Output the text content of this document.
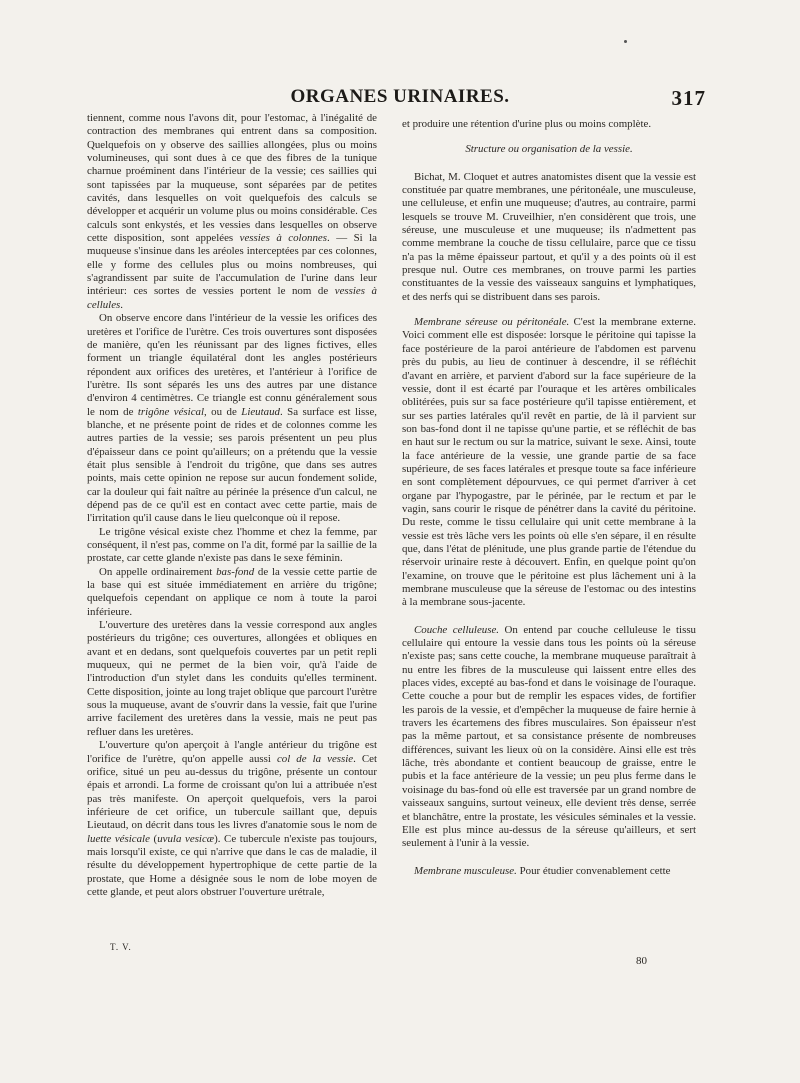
ORGANES URINAIRES.	317

tiennent, comme nous l'avons dit, pour l'estomac, à l'inégalité de contraction des membranes qui entrent dans sa composition. Quelquefois on y observe des saillies allongées, plus ou moins volumineuses, qui sont dues à ce que des fibres de la tunique charnue proéminent dans l'intérieur de la vessie; ces saillies qui sont tapissées par la muqueuse, sont séparées par de petites cavités, dans lesquelles on voit quelquefois des calculs se développer et acquérir un volume plus ou moins considérable. Ces calculs sont enkystés, et les vessies dans lesquelles on observe cette disposition, sont appelées vessies à colonnes. — Si la muqueuse s'insinue dans les aréoles interceptées par ces colonnes, elle y forme des cellules plus ou moins nombreuses, qui s'agrandissent par suite de l'accumulation de l'urine dans leur intérieur: ces sortes de vessies portent le nom de vessies à cellules.

On observe encore dans l'intérieur de la vessie les orifices des uretères et l'orifice de l'urètre. Ces trois ouvertures sont disposées de manière, qu'en les réunissant par des lignes fictives, elles forment un triangle équilatéral dont les angles postérieurs répondent aux orifices des uretères, et l'antérieur à l'orifice de l'urètre. Ils sont séparés les uns des autres par une distance d'environ 4 centimètres. Ce triangle est connu généralement sous le nom de trigône vésical, ou de Lieutaud. Sa surface est lisse, blanche, et ne présente point de rides et de colonnes comme les autres parties de la vessie; ses parois présentent un peu plus d'épaisseur dans ce point qu'ailleurs; on a prétendu que la vessie était plus sensible à l'endroit du trigône, que dans ses autres points, mais cette opinion ne repose sur aucun fondement solide, car la douleur qui fait naître au périnée la présence d'un calcul, ne dépend pas de ce qu'il est en contact avec cette partie, mais de l'irritation qu'il cause dans le lieu quelconque où il repose.

Le trigône vésical existe chez l'homme et chez la femme, par conséquent, il n'est pas, comme on l'a dit, formé par la saillie de la prostate, car cette glande n'existe pas dans le sexe féminin.

On appelle ordinairement bas-fond de la vessie cette partie de la base qui est située immédiatement en arrière du trigône; quelquefois cependant on applique ce nom à toute la paroi inférieure.

L'ouverture des uretères dans la vessie correspond aux angles postérieurs du trigône; ces ouvertures, allongées et obliques en avant et en dedans, sont quelquefois couvertes par un petit repli muqueux, qui ne permet de la bien voir, qu'à l'aide de l'introduction d'un stylet dans les conduits qu'elles terminent. Cette disposition, jointe au long trajet oblique que parcourt l'urètre sous la muqueuse, avant de s'ouvrir dans la vessie, fait que l'urine arrive facilement des uretères dans la vessie, mais ne peut pas refluer dans les uretères.

L'ouverture qu'on aperçoit à l'angle antérieur du trigône est l'orifice de l'urètre, qu'on appelle aussi col de la vessie. Cet orifice, situé un peu au-dessus du trigône, présente un contour épais et arrondi. La forme de croissant qu'on lui a attribuée n'est pas très manifeste. On aperçoit quelquefois, vers la paroi inférieure de cet orifice, un tubercule saillant que, depuis Lieutaud, on décrit dans tous les livres d'anatomie sous le nom de luette vésicale (uvula vesicæ). Ce tubercule n'existe pas toujours, mais lorsqu'il existe, ce qui n'arrive que dans le cas de maladie, il résulte du développement hypertrophique de cette partie de la prostate, que Home a désignée sous le nom de lobe moyen de cette glande, et peut alors obstruer l'ouverture urétrale,

et produire une rétention d'urine plus ou moins complète.

Structure ou organisation de la vessie.

Bichat, M. Cloquet et autres anatomistes disent que la vessie est constituée par quatre membranes, une péritonéale, une musculeuse, une celluleuse, et enfin une muqueuse; d'autres, au contraire, parmi lesquels se trouve M. Cruveilhier, n'en considèrent que trois, une séreuse, une musculeuse et une muqueuse; ils n'admettent pas comme membrane la couche de tissu cellulaire, parce que ce tissu n'a pas la même épaisseur partout, et qu'il y a des points où il est presque nul. Outre ces membranes, on trouve parmi les parties constituantes de la vessie des vaisseaux sanguins et lymphatiques, et des nerfs qui se distribuent dans ses parois.

Membrane séreuse ou péritonéale. C'est la membrane externe. Voici comment elle est disposée: lorsque le péritoine qui tapisse la face postérieure de la paroi antérieure de l'abdomen est parvenu près du pubis, au lieu de continuer à descendre, il se réfléchit d'avant en arrière, et parvient d'abord sur la face supérieure de la vessie, dont il est écarté par l'ouraque et les artères ombilicales oblitérées, puis sur sa face postérieure qu'il tapisse entièrement, et sur ses parties latérales qu'il revêt en partie, de là il parvient sur son bas-fond dont il ne tapisse qu'une partie, et se réfléchit de bas en haut sur le rectum ou sur la matrice, suivant le sexe. Ainsi, toute la face antérieure de la vessie, une grande partie de sa face supérieure, de ses faces latérales et presque toute sa face inférieure en sont complètement dépourvues, ce qui permet d'arriver à cet organe par l'hypogastre, par le périnée, par le rectum et par le vagin, sans courir le risque de pénétrer dans la cavité du péritoine. Du reste, comme le tissu cellulaire qui unit cette membrane à la vessie est très lâche vers les points où elle s'en sépare, il en résulte que, dans l'état de plénitude, une plus grande partie de l'étendue du réservoir urinaire reste à découvert. Enfin, en quelque point qu'on l'examine, on trouve que le péritoine est plus lâchement uni à la membrane musculeuse que la séreuse de l'estomac ou des intestins à la membrane sous-jacente.

Couche celluleuse. On entend par couche celluleuse le tissu cellulaire qui entoure la vessie dans tous les points où la séreuse n'existe pas; sans cette couche, la membrane muqueuse paraîtrait à nu entre les fibres de la musculeuse qui laissent entre elles des places vides, excepté au bas-fond et dans le voisinage de l'ouraque. Cette couche a pour but de remplir les espaces vides, de fortifier les parois de la vessie, et d'empêcher la muqueuse de faire hernie à travers les écartemens des fibres musculaires. Son épaisseur n'est pas la même partout, et sa consistance présente de nombreuses différences, suivant les lieux où on la considère. Ainsi elle est très lâche, très abondante et contient beaucoup de graisse, entre le pubis et la face antérieure de la vessie; un peu plus ferme dans le voisinage du bas-fond où elle est traversée par un grand nombre de vaisseaux sanguins, surtout veineux, elle devient très dense, serrée et blanchâtre, entre la prostate, les vésicules séminales et la vessie. Elle est plus mince au-dessus de la séreuse qu'ailleurs, et sert seulement à l'unir à la vessie.

Membrane musculeuse. Pour étudier convenablement cette

T. V.
80
